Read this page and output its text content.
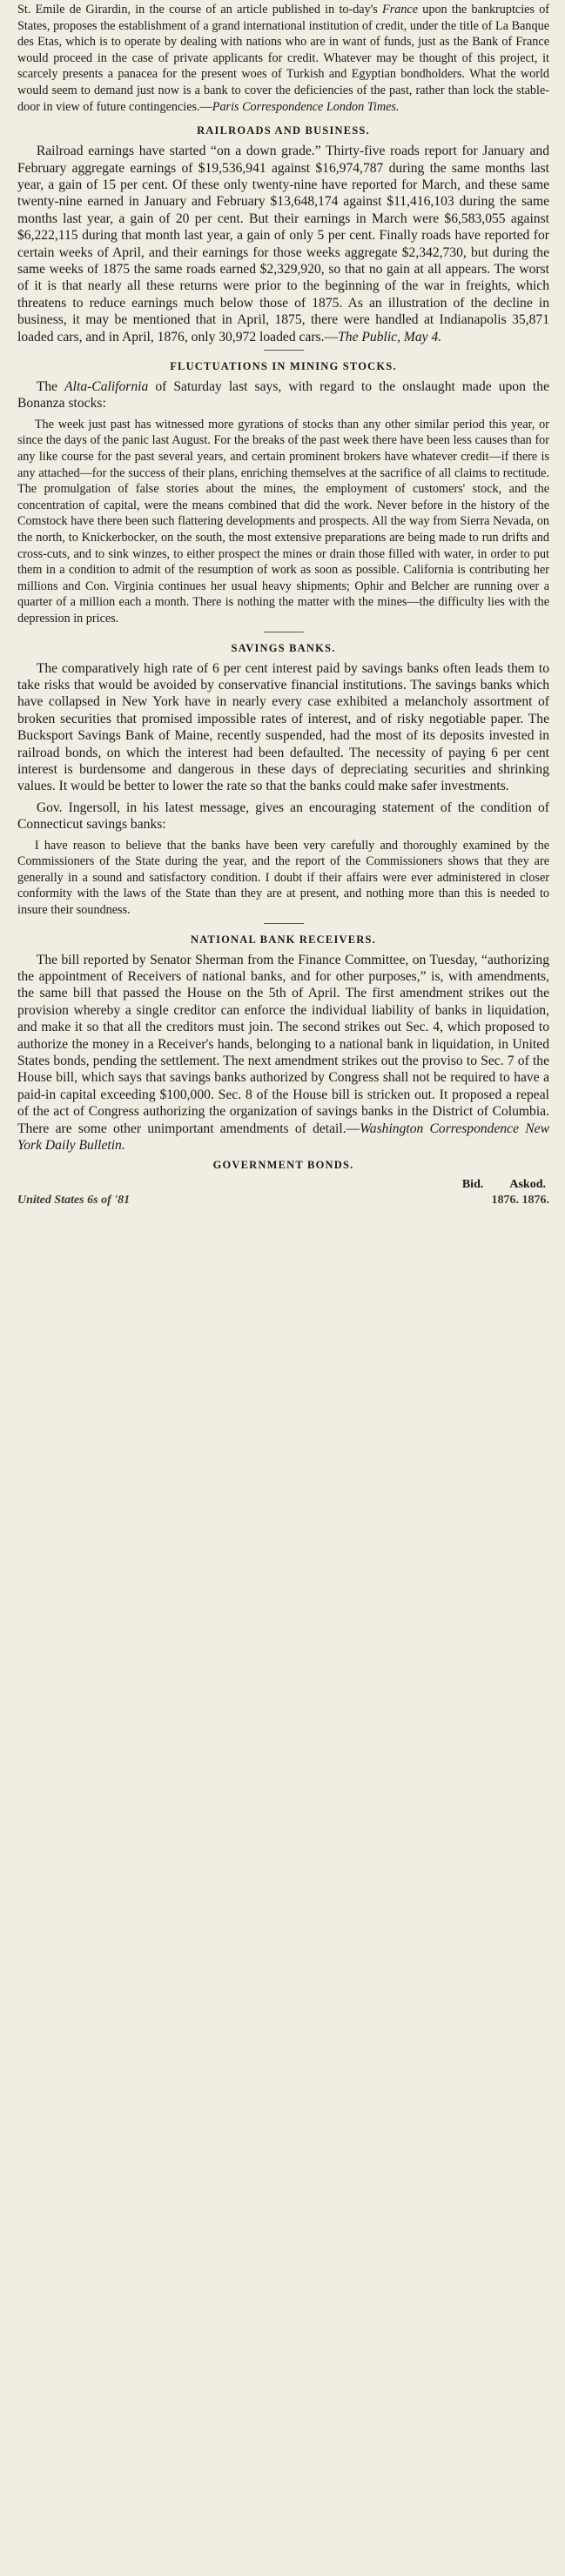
St. Emile de Girardin, in the course of an article published in to-day's France upon the bankruptcies of States, proposes the establishment of a grand international institution of credit, under the title of La Banque des Etas, which is to operate by dealing with nations who are in want of funds, just as the Bank of France would proceed in the case of private applicants for credit. Whatever may be thought of this project, it scarcely presents a panacea for the present woes of Turkish and Egyptian bondholders. What the world would seem to demand just now is a bank to cover the deficiencies of the past, rather than lock the stable-door in view of future contingencies.—Paris Correspondence London Times.

RAILROADS AND BUSINESS.

Railroad earnings have started “on a down grade.” Thirty-five roads report for January and February aggregate earnings of $19,536,941 against $16,974,787 during the same months last year, a gain of 15 per cent. Of these only twenty-nine have reported for March, and these same twenty-nine earned in January and February $13,648,174 against $11,416,103 during the same months last year, a gain of 20 per cent. But their earnings in March were $6,583,055 against $6,222,115 during that month last year, a gain of only 5 per cent. Finally roads have reported for certain weeks of April, and their earnings for those weeks aggregate $2,342,730, but during the same weeks of 1875 the same roads earned $2,329,920, so that no gain at all appears. The worst of it is that nearly all these returns were prior to the beginning of the war in freights, which threatens to reduce earnings much below those of 1875. As an illustration of the decline in business, it may be mentioned that in April, 1875, there were handled at Indianapolis 35,871 loaded cars, and in April, 1876, only 30,972 loaded cars.—The Public, May 4.

FLUCTUATIONS IN MINING STOCKS.

The Alta-California of Saturday last says, with regard to the onslaught made upon the Bonanza stocks:

The week just past has witnessed more gyrations of stocks than any other similar period this year, or since the days of the panic last August. For the breaks of the past week there have been less causes than for any like course for the past several years, and certain prominent brokers have whatever credit—if there is any attached—for the success of their plans, enriching themselves at the sacrifice of all claims to rectitude. The promulgation of false stories about the mines, the employment of customers' stock, and the concentration of capital, were the means combined that did the work. Never before in the history of the Comstock have there been such flattering developments and prospects. All the way from Sierra Nevada, on the north, to Knickerbocker, on the south, the most extensive preparations are being made to run drifts and cross-cuts, and to sink winzes, to either prospect the mines or drain those filled with water, in order to put them in a condition to admit of the resumption of work as soon as possible. California is contributing her millions and Con. Virginia continues her usual heavy shipments; Ophir and Belcher are running over a quarter of a million each a month. There is nothing the matter with the mines—the difficulty lies with the depression in prices.

SAVINGS BANKS.

The comparatively high rate of 6 per cent interest paid by savings banks often leads them to take risks that would be avoided by conservative financial institutions. The savings banks which have collapsed in New York have in nearly every case exhibited a melancholy assortment of broken securities that promised impossible rates of interest, and of risky negotiable paper. The Bucksport Savings Bank of Maine, recently suspended, had the most of its deposits invested in railroad bonds, on which the interest had been defaulted. The necessity of paying 6 per cent interest is burdensome and dangerous in these days of depreciating securities and shrinking values. It would be better to lower the rate so that the banks could make safer investments.

Gov. Ingersoll, in his latest message, gives an encouraging statement of the condition of Connecticut savings banks:

I have reason to believe that the banks have been very carefully and thoroughly examined by the Commissioners of the State during the year, and the report of the Commissioners shows that they are generally in a sound and satisfactory condition. I doubt if their affairs were ever administered in closer conformity with the laws of the State than they are at present, and nothing more than this is needed to insure their soundness.

NATIONAL BANK RECEIVERS.

The bill reported by Senator Sherman from the Finance Committee, on Tuesday, “authorizing the appointment of Receivers of national banks, and for other purposes,” is, with amendments, the same bill that passed the House on the 5th of April. The first amendment strikes out the provision whereby a single creditor can enforce the individual liability of banks in liquidation, and make it so that all the creditors must join. The second strikes out Sec. 4, which proposed to authorize the money in a Receiver's hands, belonging to a national bank in liquidation, in United States bonds, pending the settlement. The next amendment strikes out the proviso to Sec. 7 of the House bill, which says that savings banks authorized by Congress shall not be required to have a paid-in capital exceeding $100,000. Sec. 8 of the House bill is stricken out. It proposed a repeal of the act of Congress authorizing the organization of savings banks in the District of Columbia. There are some other unimportant amendments of detail.—Washington Correspondence New York Daily Bulletin.

GOVERNMENT BONDS.
Bid. Askod.
United States 6s of '81	1876. 1876.
